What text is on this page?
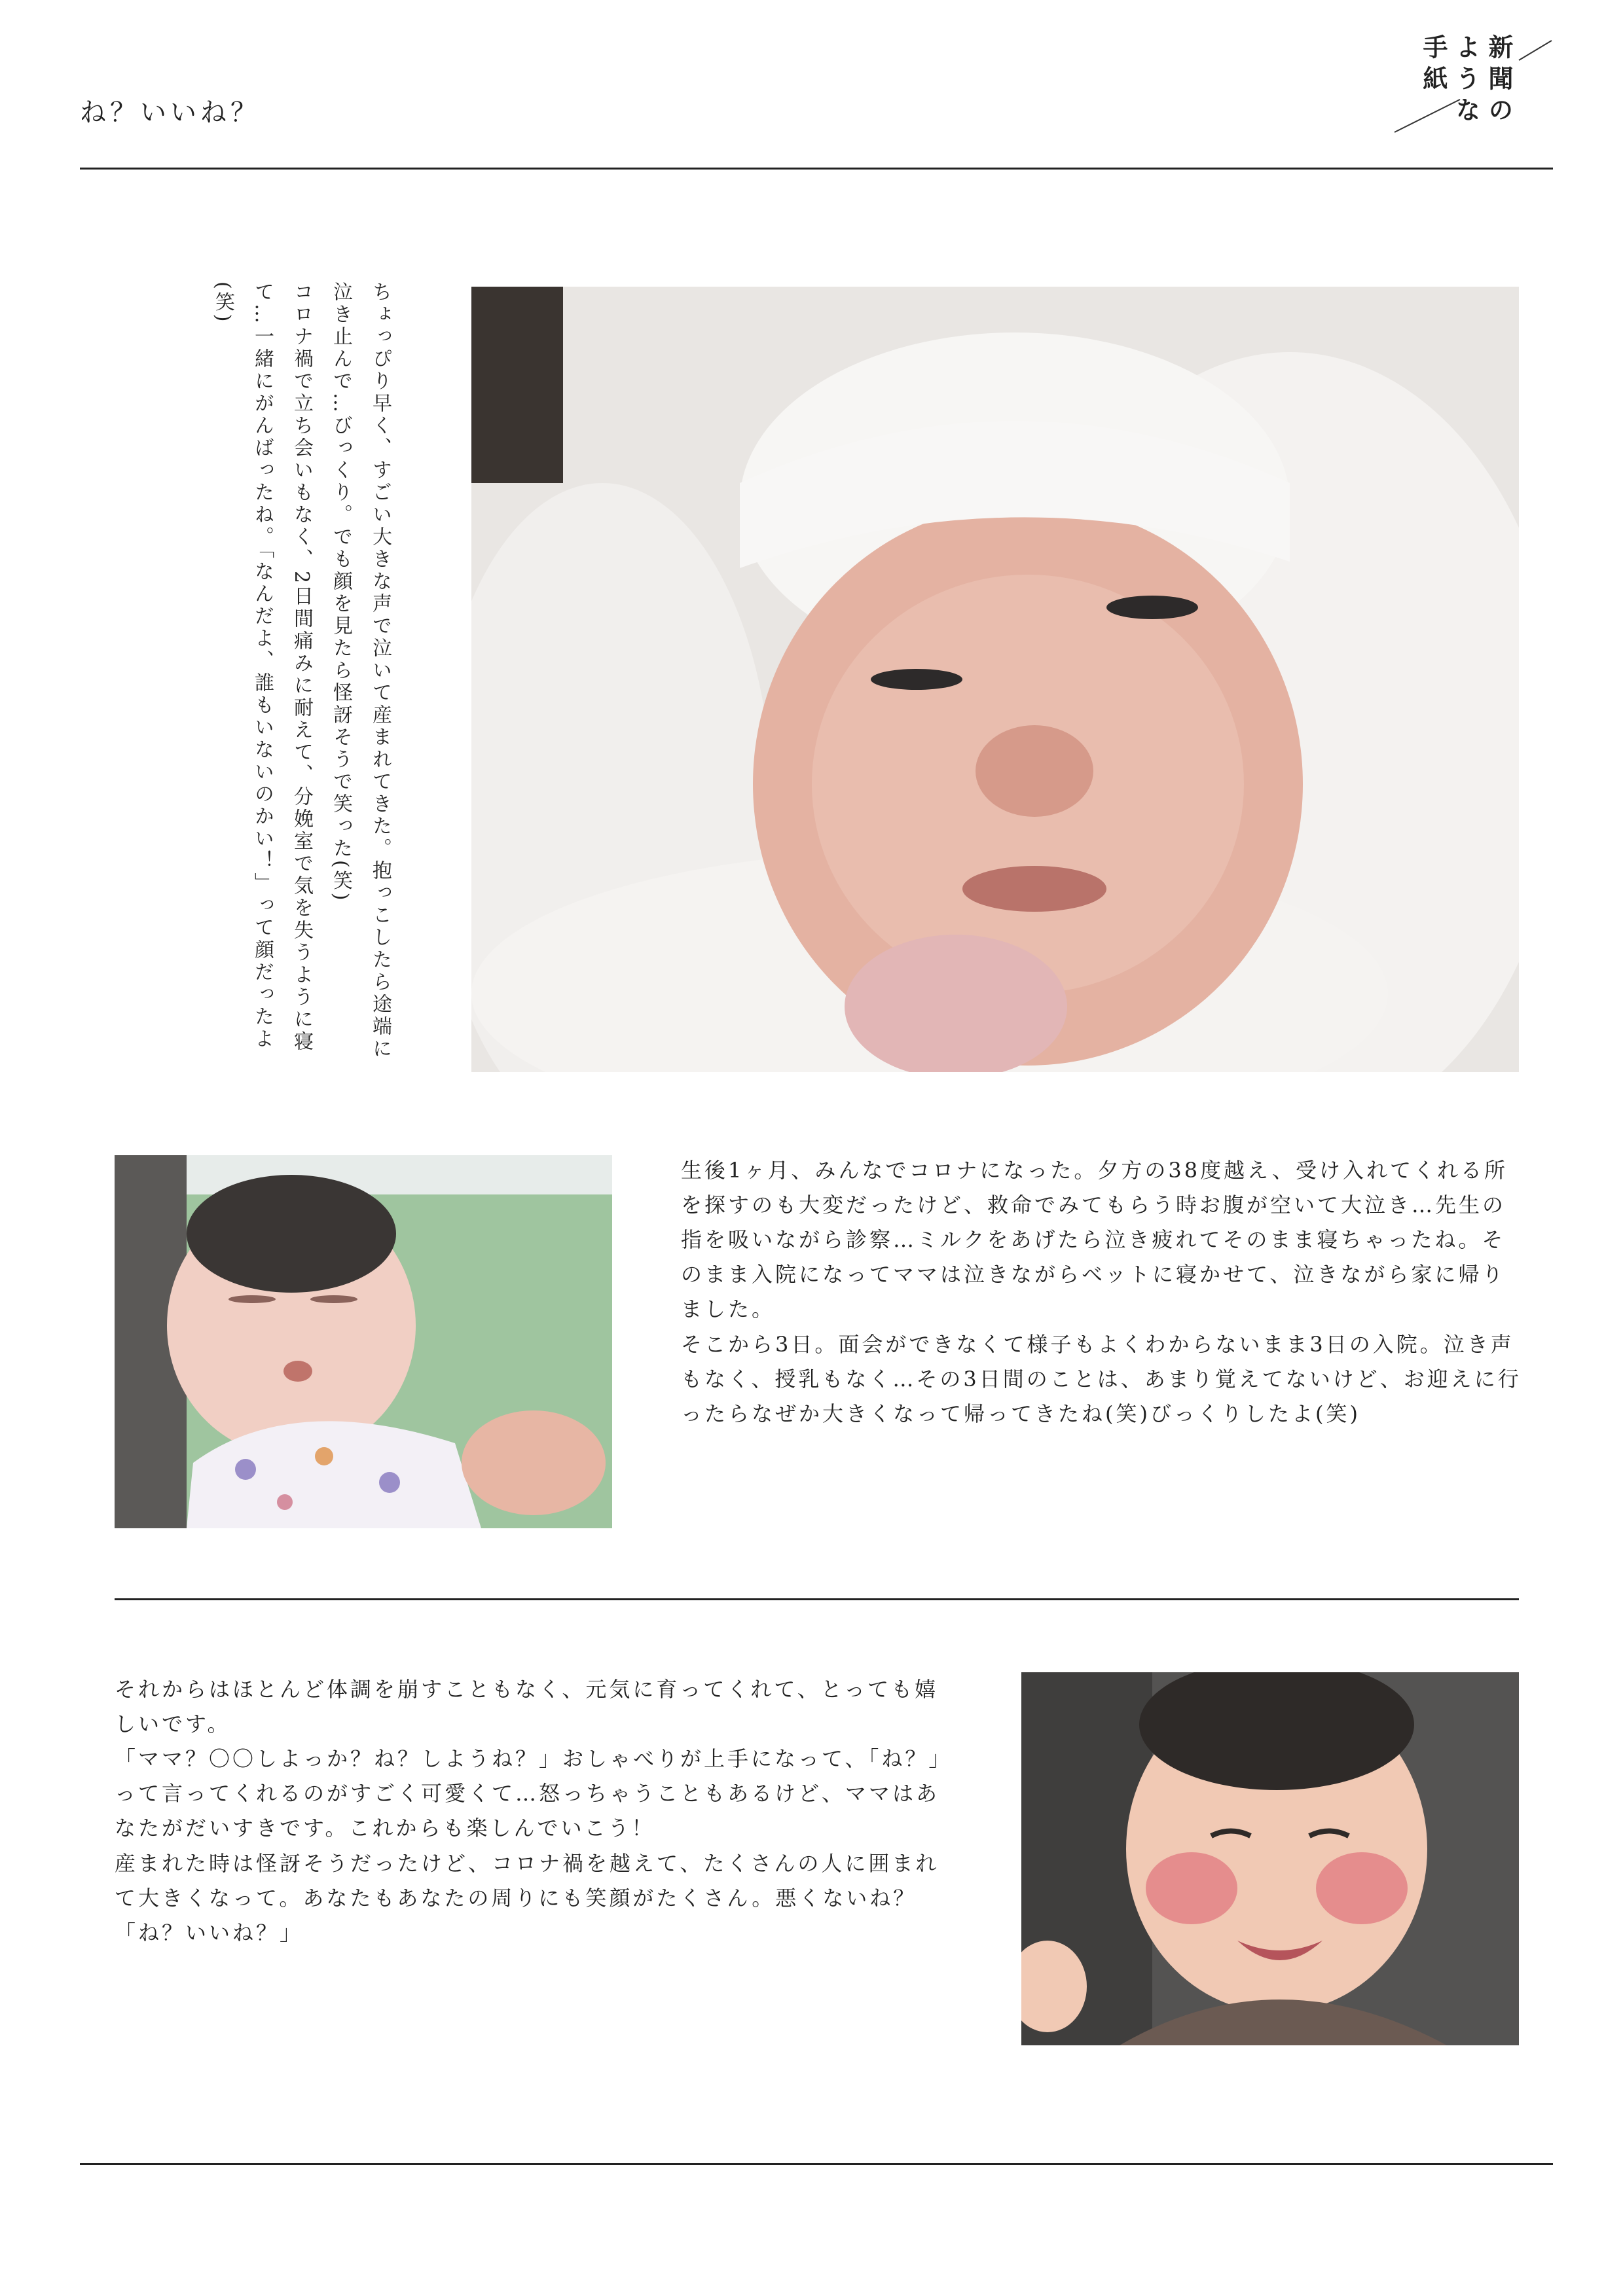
ね？いいね？	新聞の
ような
手紙

ちょっぴり早く、すごい大きな声で泣いて産まれてきた。抱っこしたら途端に泣き止んで…びっくり。でも顔を見たら怪訝そうで笑った(笑)

コロナ禍で立ち会いもなく、2日間痛みに耐えて、分娩室で気を失うように寝て…一緒にがんばったね。「なんだよ、誰もいないのかい！」って顔だったよ(笑)

生後1ヶ月、みんなでコロナになった。夕方の38度越え、受け入れてくれる所を探すのも大変だったけど、救命でみてもらう時お腹が空いて大泣き…先生の指を吸いながら診察…ミルクをあげたら泣き疲れてそのまま寝ちゃったね。そのまま入院になってママは泣きながらベットに寝かせて、泣きながら家に帰りました。

そこから3日。面会ができなくて様子もよくわからないまま3日の入院。泣き声もなく、授乳もなく…その3日間のことは、あまり覚えてないけど、お迎えに行ったらなぜか大きくなって帰ってきたね(笑)びっくりしたよ(笑)

それからはほとんど体調を崩すこともなく、元気に育ってくれて、とっても嬉しいです。

「ママ？〇〇しよっか？ね？しようね？」おしゃべりが上手になって、「ね？」って言ってくれるのがすごく可愛くて…怒っちゃうこともあるけど、ママはあなたがだいすきです。これからも楽しんでいこう！

産まれた時は怪訝そうだったけど、コロナ禍を越えて、たくさんの人に囲まれて大きくなって。あなたもあなたの周りにも笑顔がたくさん。悪くないね？「ね？いいね？」
